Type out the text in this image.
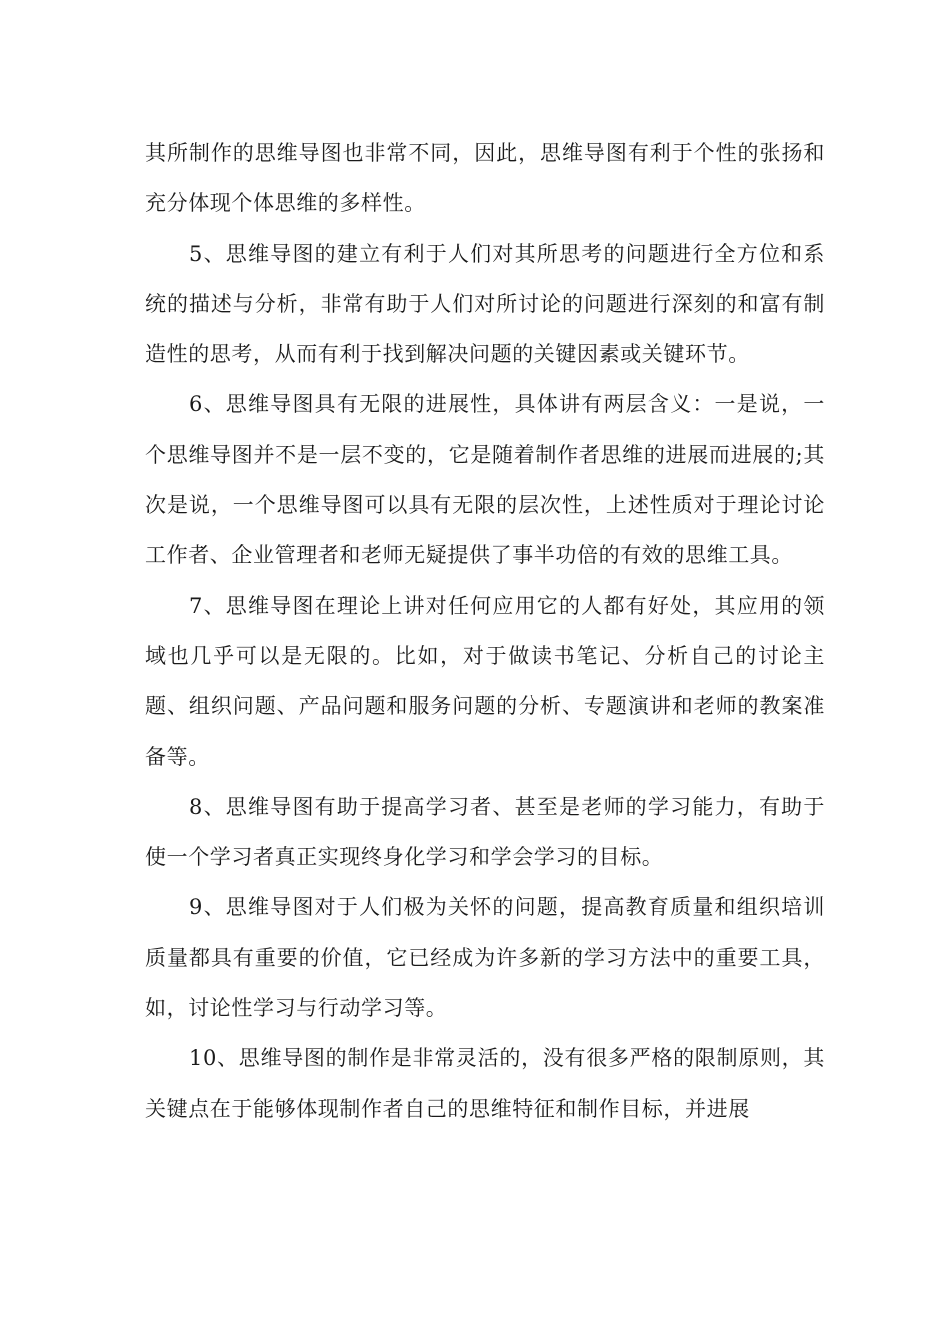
其所制作的思维导图也非常不同，因此，思维导图有利于个性的张扬和充分体现个体思维的多样性。

5、思维导图的建立有利于人们对其所思考的问题进行全方位和系统的描述与分析，非常有助于人们对所讨论的问题进行深刻的和富有制造性的思考，从而有利于找到解决问题的关键因素或关键环节。

6、思维导图具有无限的进展性，具体讲有两层含义：一是说，一个思维导图并不是一层不变的，它是随着制作者思维的进展而进展的;其次是说，一个思维导图可以具有无限的层次性，上述性质对于理论讨论工作者、企业管理者和老师无疑提供了事半功倍的有效的思维工具。

7、思维导图在理论上讲对任何应用它的人都有好处，其应用的领域也几乎可以是无限的。比如，对于做读书笔记、分析自己的讨论主题、组织问题、产品问题和服务问题的分析、专题演讲和老师的教案准备等。

8、思维导图有助于提高学习者、甚至是老师的学习能力，有助于使一个学习者真正实现终身化学习和学会学习的目标。

9、思维导图对于人们极为关怀的问题，提高教育质量和组织培训质量都具有重要的价值，它已经成为许多新的学习方法中的重要工具，如，讨论性学习与行动学习等。

10、思维导图的制作是非常灵活的，没有很多严格的限制原则，其关键点在于能够体现制作者自己的思维特征和制作目标，并进展
